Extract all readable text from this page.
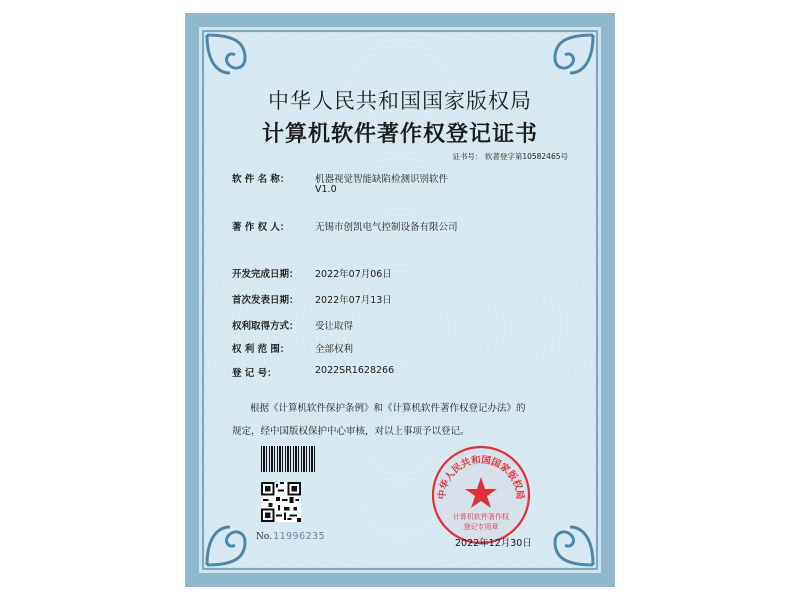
中华人民共和国国家版权局
计算机软件著作权登记证书
证书号： 软著登字第10582465号
软 件 名 称：	机器视觉智能缺陷检测识别软件
V1.0
著 作 权 人：	无锡市创凯电气控制设备有限公司
开发完成日期： 2022年07月06日
首次发表日期： 2022年07月13日
权利取得方式： 受让取得
权 利 范 围：	全部权利
登 记 号：	2022SR1628266
根据《计算机软件保护条例》和《计算机软件著作权登记办法》的
规定，经中国版权保护中心审核，对以上事项予以登记。
No. 11996235
中华人民共和国国家版权局
计算机软件著作权
登记专用章
2022年12月30日
